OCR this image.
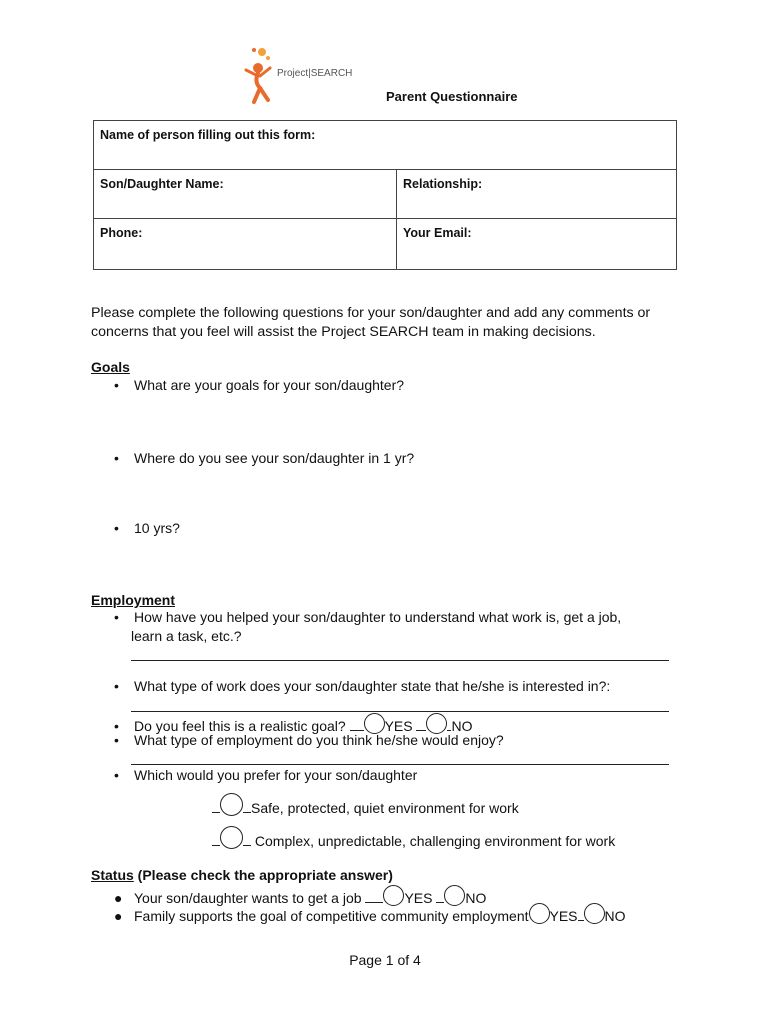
Project|SEARCH
Parent Questionnaire
Name of person filling out this form:	
Son/Daughter Name:	Relationship:
Phone:	Your Email:
Please complete the following questions for your son/daughter and add any comments or concerns that you feel will assist the Project SEARCH team in making decisions.
Goals
• What are your goals for your son/daughter?
• Where do you see your son/daughter in 1 yr?
• 10 yrs?
Employment
• How have you helped your son/daughter to understand what work is, get a job,
learn a task, etc.?
• What type of work does your son/daughter state that he/she is interested in?:
• Do you feel this is a realistic goal?	YES	NO
• What type of employment do you think he/she would enjoy?
• Which would you prefer for your son/daughter
Safe, protected, quiet environment for work
Complex, unpredictable, challenging environment for work
Status (Please check the appropriate answer)
● Your son/daughter wants to get a job	YES NO
● Family supports the goal of competitive community employment YES NO
Page 1 of 4
